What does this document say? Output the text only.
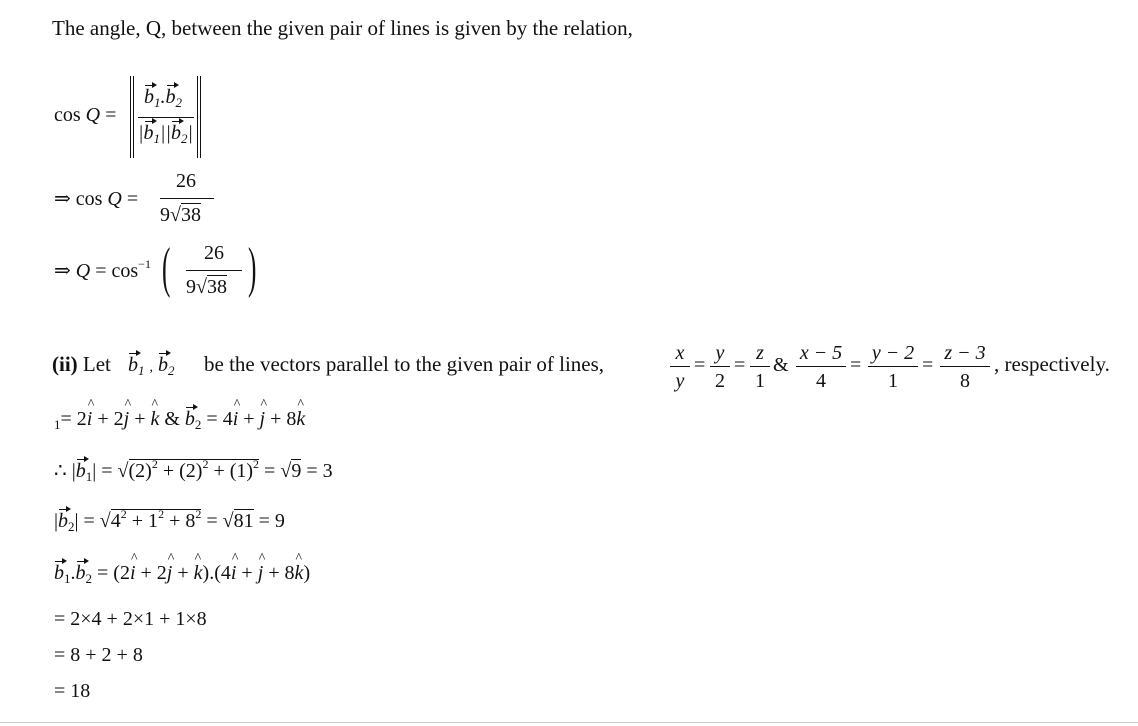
The angle, Q, between the given pair of lines is given by the relation,
cos Q =
$b_1.b_2$
$|b_1||b_2|$
⇒ cos Q =
26
9√38
⇒ $Q = \cos^{-1}$ ( 26
9√38 )
(ii) Let $b_1$ , $b_2$ be the vectors parallel to the given pair of lines,	x
y
=
y
2
=
z
1
&
x − 5
4
=
y − 2
1
=
z − 3
8
, respectively.
$_1$= 2^ i + 2^ j + ^ k & $b_2$ = 4^ i + ^ j + 8^ k
∴ $|b_1| = √(2)^2 + (2)^2 + (1)^2 = √9 = 3$
$|b_2| = √4^2 + 1^2 + 8^2 = √81 = 9$
$b_1.b_2$ = (2^ i + 2^ j + ^ k).(4^ i + ^ j + 8^ k)
= 2×4 + 2×1 + 1×8
= 8 + 2 + 8
= 18
